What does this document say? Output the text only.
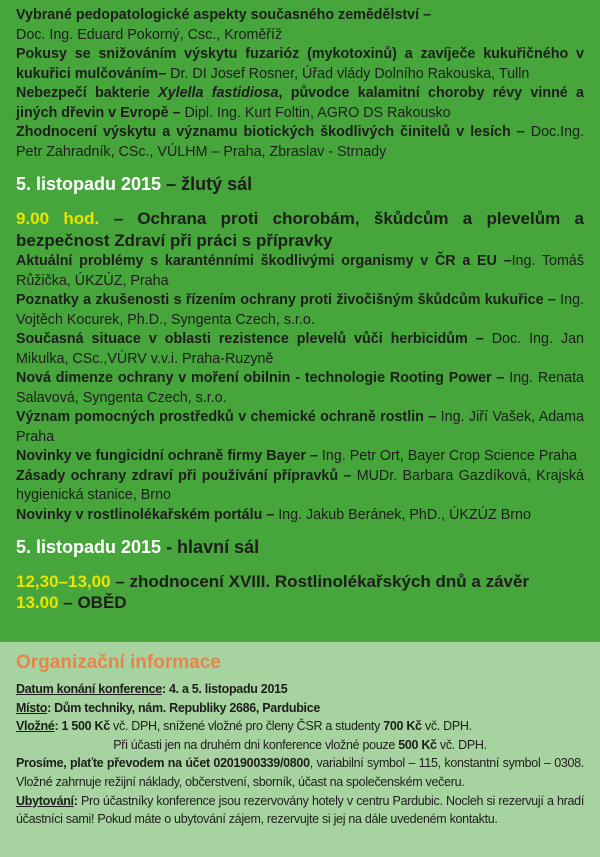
Vybrané pedopatologické aspekty současného zemědělství –
Doc. Ing. Eduard Pokorný, Csc., Kroměříž

Pokusy se snižováním výskytu fuzarióz (mykotoxinů) a zavíječe kukuřičného v kukuřici mulčováním– Dr. DI Josef Rosner, Úřad vlády Dolního Rakouska, Tulln

Nebezpečí bakterie Xylella fastidiosa, původce kalamitní choroby révy vinné a jiných dřevin v Evropě – Dipl. Ing. Kurt Foltin, AGRO DS Rakousko

Zhodnocení výskytu a významu biotických škodlivých činitelů v lesích – Doc.Ing. Petr Zahradník, CSc., VÚLHM – Praha, Zbraslav - Strnady

5. listopadu 2015 – žlutý sál

9.00 hod. – Ochrana proti chorobám, škůdcům a plevelům a bezpečnost Zdraví při práci s přípravky

Aktuální problémy s karanténními škodlivými organismy v ČR a EU –Ing. Tomáš Růžička, ÚKZÚZ, Praha

Poznatky a zkušenosti s řízením ochrany proti živočišným škůdcům kukuřice – Ing. Vojtěch Kocurek, Ph.D., Syngenta Czech, s.r.o.

Současná situace v oblasti rezistence plevelů vůči herbicidům – Doc. Ing. Jan Mikulka, CSc.,VÚRV v.v.i. Praha-Ruzyně

Nová dimenze ochrany v moření obilnin - technologie Rooting Power – Ing. Renata Salavová, Syngenta Czech, s.r.o.

Význam pomocných prostředků v chemické ochraně rostlin – Ing. Jiří Vašek, Adama Praha

Novinky ve fungicidní ochraně firmy Bayer – Ing. Petr Ort, Bayer Crop Science Praha

Zásady ochrany zdraví při používání přípravků – MUDr. Barbara Gazdíková, Krajská hygienická stanice, Brno

Novinky v rostlinolékařském portálu – Ing. Jakub Beránek, PhD., ÚKZÚZ Brno

5. listopadu 2015 - hlavní sál

12,30–13,00 – zhodnocení XVIII. Rostlinolékařských dnů a závěr
13.00 – OBĚD

Organizační informace

Datum konání konference: 4. a 5. listopadu 2015

Místo: Dům techniky, nám. Republiky 2686, Pardubice

Vložné: 1 500 Kč vč. DPH, snížené vložné pro členy ČSR a studenty 700 Kč vč. DPH.

Při účasti jen na druhém dni konference vložné pouze 500 Kč vč. DPH.

Prosíme, plaťte převodem na účet 0201900339/0800, variabilní symbol – 115, konstantní symbol – 0308. Vložné zahrnuje režijní náklady, občerstvení, sborník, účast na společenském večeru.

Ubytování: Pro účastníky konference jsou rezervovány hotely v centru Pardubic. Nocleh si rezervují a hradí účastníci sami! Pokud máte o ubytování zájem, rezervujte si jej na dále uvedeném kontaktu.
